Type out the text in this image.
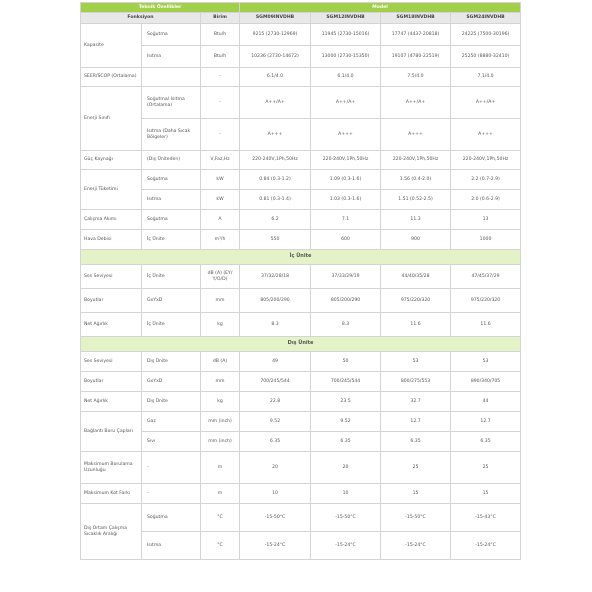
Teknik Özellikler			Model			
Fonksiyon		Birim	SGM09INVDHB	SGM12INVDHB	SGM18INVDHB	SGM24INVDHB
Kapasite	Soğutma	Btu/h	9215 (2730-12969)	11945 (2730-15016)	17747 (4437-20818)	24225 (7500-30196)
	Isıtma	Btu/h	10236 (2730-14672)	13000 (2730-15350)	19107 (4780-22519)	25250 (8880-32410)
SEER/SCOP (Ortalama)		-	6.1/4.0	6.1/4.0	7.5/4.0	7.1/4.0
Enerji Sınıfı	Soğutma/ Isıtma (Ortalama)	-	A++/A+	A++/A+	A++/A+	A++/A+
	Isıtma (Daha Sıcak Bölgeler)	-	A+++	A+++	A+++	A+++
Güç Kaynağı	(Dış Üniteden)	V,Faz,Hz	220-240V,1Ph,50Hz	220-240V,1Ph,50Hz	220-240V,1Ph,50Hz	220-240V,1Ph,50Hz
Enerji Tüketimi	Soğutma	kW	0.84 (0.3-1.2)	1.09 (0.3-1.6)	1.56 (0.4-2.0)	2.2 (0.7-2.9)
	Isıtma	kW	0.81 (0.3-1.4)	1.03 (0.3-1.6)	1.51 (0.52-2.5)	2.0 (0.6-2.9)
Çalışma Akımı	Soğutma	A	6.2	7.1	11.3	13
Hava Debisi	İç Ünite	m³/h	550	600	900	1000
İç Ünite						
Ses Seviyesi	İç Ünite	dB (A) (EY/ Y/O/D)	37/32/28/18	37/33/29/19	44/40/35/28	47/45/37/29
Boyutlar	GxYxD	mm	805/200/290	805/200/290	975/220/320	975/220/320
Net Ağırlık	İç Ünite	kg	8.3	8.3	11.6	11.6
Dış Ünite						
Ses Seviyesi	Dış Ünite	dB (A)	49	50	53	53
Boyutlar	GxYxD	mm	700/245/544	700/245/544	800/275/553	890/340/705
Net Ağırlık	Dış Ünite	kg	22.8	23.5	32.7	44
Bağlantı Boru Çapları	Gaz	mm (inch)	9.52	9.52	12.7	12.7
	Sıvı	mm (inch)	6.35	6.35	6.35	6.35
Maksimum Borulama Uzunluğu	-	m	20	20	25	25
Maksimum Kot Farkı	-	m	10	10	15	15
Dış Ortam Çalışma Sıcaklık Aralığı	Soğutma	°C	-15-50°C	-15-50°C	-15-50°C	-15-43°C
	Isıtma	°C	-15-24°C	-15-24°C	-15-24°C	-15-24°C
